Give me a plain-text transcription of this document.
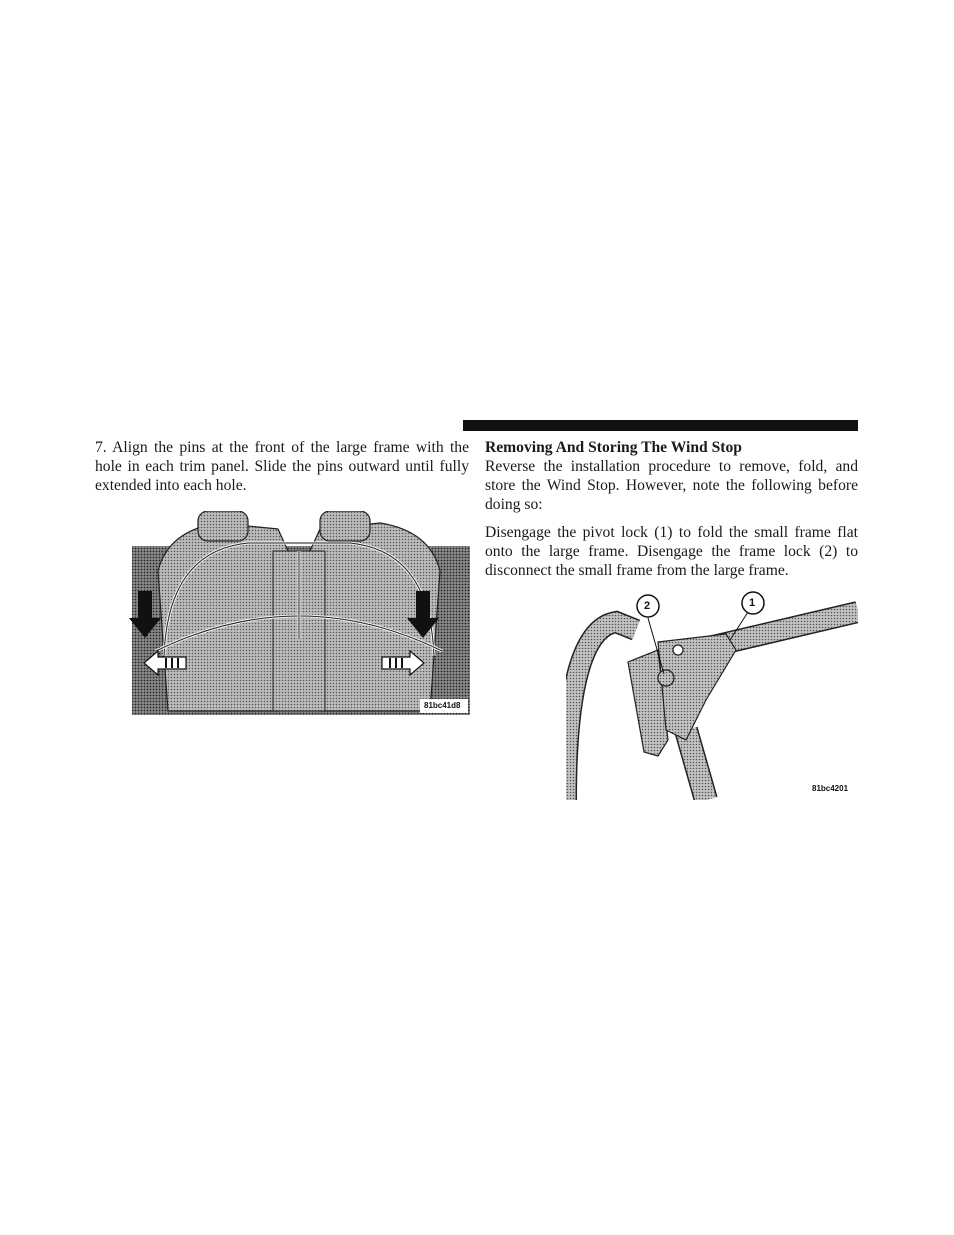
7. Align the pins at the front of the large frame with the hole in each trim panel. Slide the pins outward until fully extended into each hole.

Removing And Storing The Wind Stop

Reverse the installation procedure to remove, fold, and store the Wind Stop. However, note the following before doing so:

Disengage the pivot lock (1) to fold the small frame flat onto the large frame. Disengage the frame lock (2) to disconnect the small frame from the large frame.

81bc41d8
2	1
81bc4201
